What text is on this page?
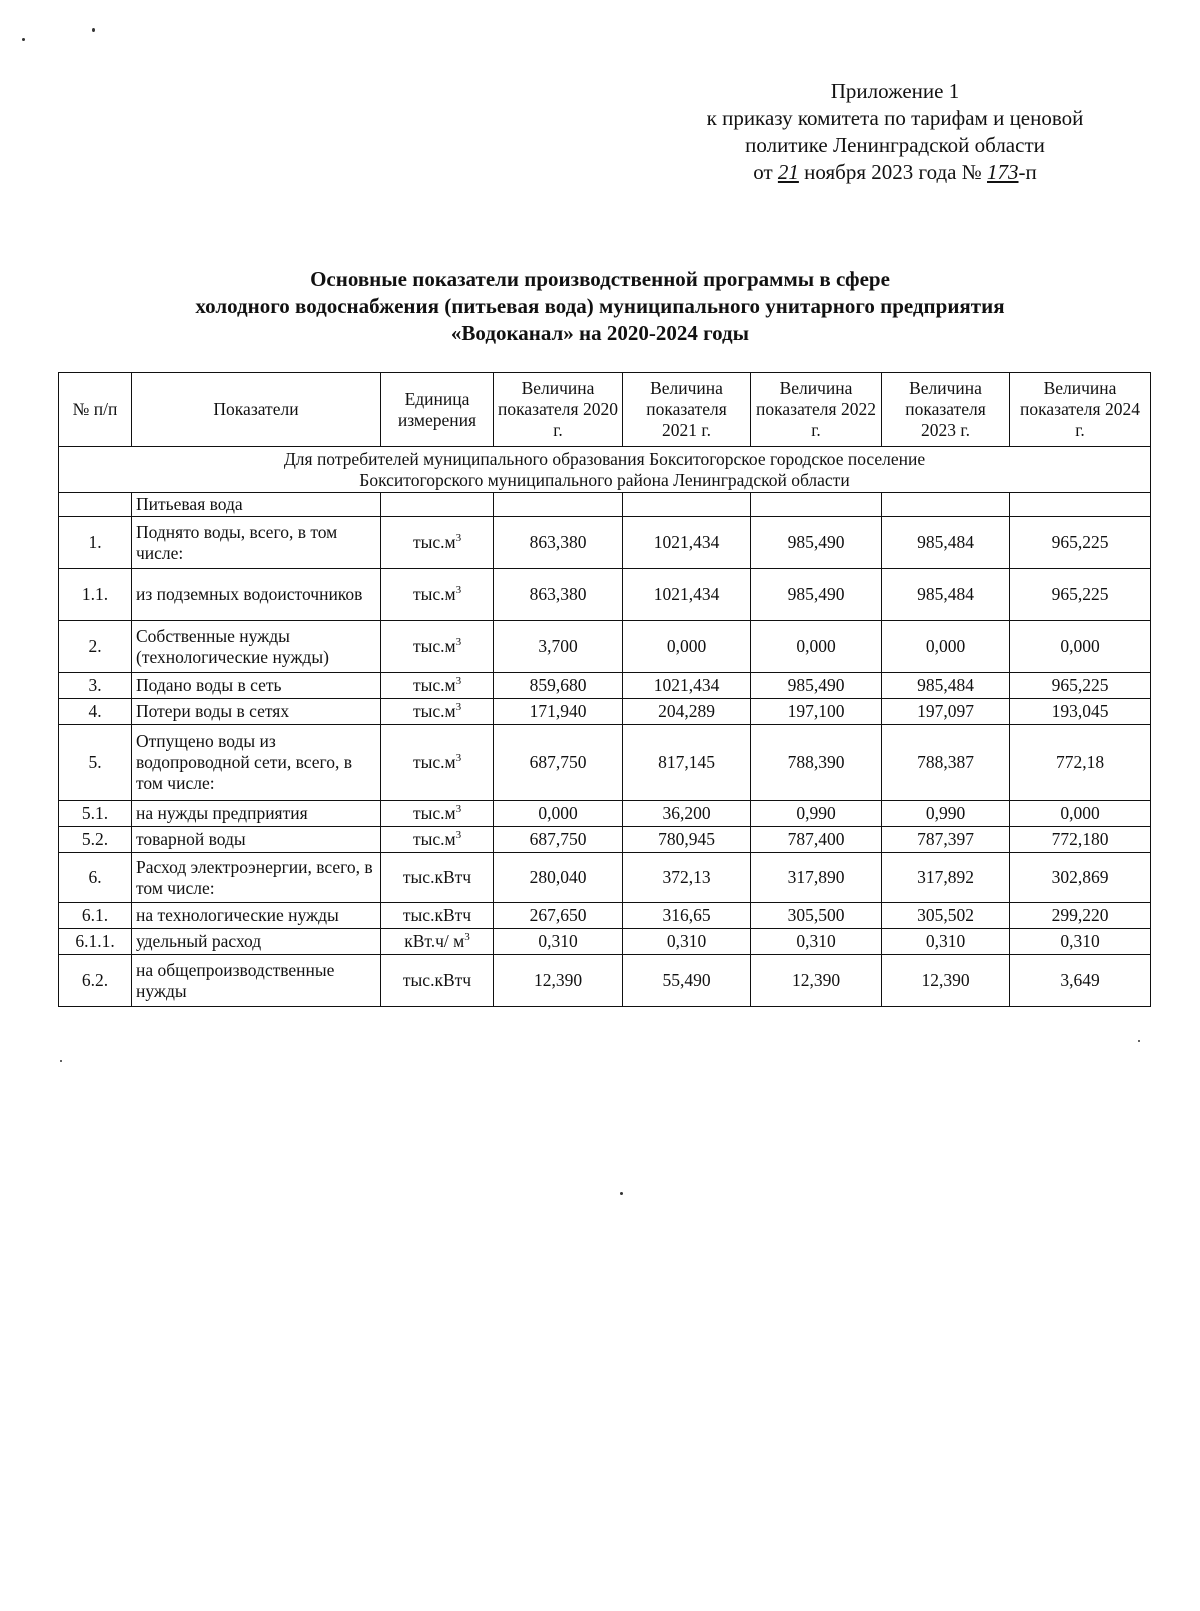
Приложение 1
к приказу комитета по тарифам и ценовой
политике Ленинградской области
от 21 ноября 2023 года № 173-п
Основные показатели производственной программы в сфере
холодного водоснабжения (питьевая вода) муниципального унитарного предприятия
«Водоканал» на 2020-2024 годы
№ п/п	Показатели	Единица измерения	Величина показателя 2020 г.	Величина показателя 2021 г.	Величина показателя 2022 г.	Величина показателя 2023 г.	Величина показателя 2024 г.

Для потребителей муниципального образования Бокситогорское городское поселение
Бокситогорского муниципального района Ленинградской области							

	Питьевая вода						
1.	Поднято воды, всего, в том числе:	$тыс.м^3$	863,380	1021,434	985,490	985,484	965,225
1.1.	из подземных водоисточников	$тыс.м^3$	863,380	1021,434	985,490	985,484	965,225
2.	Собственные нужды (технологические нужды)	$тыс.м^3$	3,700	0,000	0,000	0,000	0,000
3.	Подано воды в сеть	$тыс.м^3$	859,680	1021,434	985,490	985,484	965,225
4.	Потери воды в сетях	$тыс.м^3$	171,940	204,289	197,100	197,097	193,045
5.	Отпущено воды из водопроводной сети, всего, в том числе:	$тыс.м^3$	687,750	817,145	788,390	788,387	772,18
5.1.	на нужды предприятия	$тыс.м^3$	0,000	36,200	0,990	0,990	0,000
5.2.	товарной воды	$тыс.м^3$	687,750	780,945	787,400	787,397	772,180
6.	Расход электроэнергии, всего, в том числе:	тыс.кВтч	280,040	372,13	317,890	317,892	302,869
6.1.	на технологические нужды	тыс.кВтч	267,650	316,65	305,500	305,502	299,220
6.1.1.	удельный расход	кВт.ч/ $м^3$	0,310	0,310	0,310	0,310	0,310
6.2.	на общепроизводственные нужды	тыс.кВтч	12,390	55,490	12,390	12,390	3,649
